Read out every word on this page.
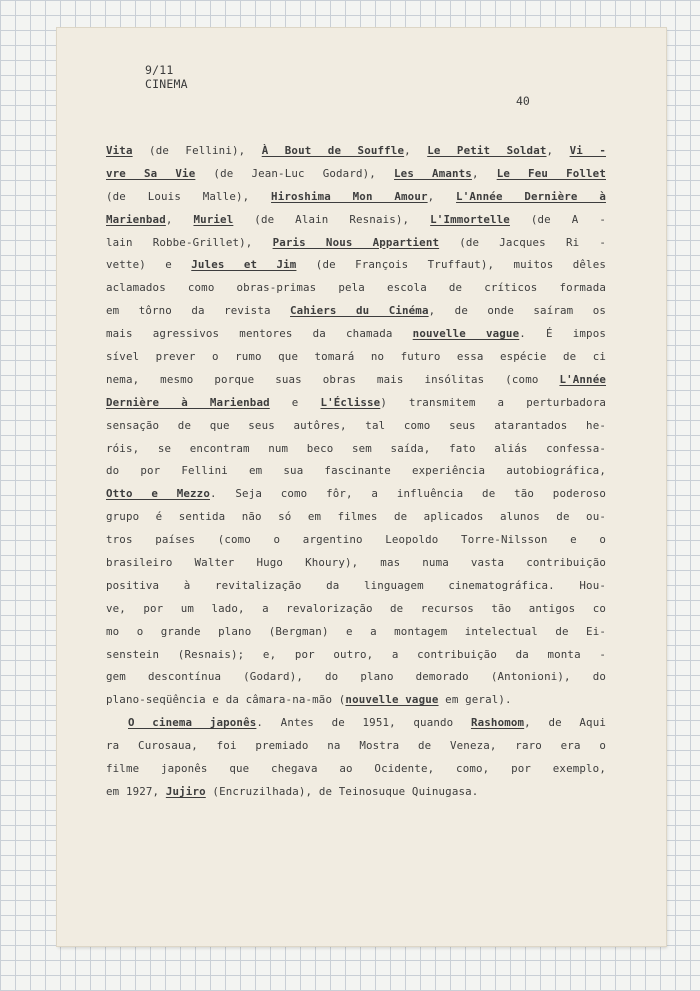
9/11
CINEMA
40
Vita (de Fellini), À Bout de Souffle, Le Petit Soldat, Vi -
vre Sa Vie (de Jean-Luc Godard), Les Amants, Le Feu Follet
(de Louis Malle), Hiroshima Mon Amour, L'Année Dernière à
Marienbad, Muriel (de Alain Resnais), L'Immortelle (de A -
lain Robbe-Grillet), Paris Nous Appartient (de Jacques Ri -
vette) e Jules et Jim (de François Truffaut), muitos dêles
aclamados como obras-primas pela escola de críticos formada
em tôrno da revista Cahiers du Cinéma, de onde saíram os
mais agressivos mentores da chamada nouvelle vague. É impos
sível prever o rumo que tomará no futuro essa espécie de ci
nema, mesmo porque suas obras mais insólitas (como L'Année
Dernière à Marienbad e L'Éclisse) transmitem a perturbadora
sensação de que seus autôres, tal como seus atarantados he-
róis, se encontram num beco sem saída, fato aliás confessa-
do por Fellini em sua fascinante experiência autobiográfica,
Otto e Mezzo. Seja como fôr, a influência de tão poderoso
grupo é sentida não só em filmes de aplicados alunos de ou-
tros países (como o argentino Leopoldo Torre-Nilsson e o
brasileiro Walter Hugo Khoury), mas numa vasta contribuição
positiva à revitalização da linguagem cinematográfica. Hou-
ve, por um lado, a revalorização de recursos tão antigos co
mo o grande plano (Bergman) e a montagem intelectual de Ei-
senstein (Resnais); e, por outro, a contribuição da monta -
gem descontínua (Godard), do plano demorado (Antonioni), do
plano-seqüência e da câmara-na-mão (nouvelle vague em geral).
O cinema japonês. Antes de 1951, quando Rashomom, de Aqui
ra Curosaua, foi premiado na Mostra de Veneza, raro era o
filme japonês que chegava ao Ocidente, como, por exemplo,
em 1927, Jujiro (Encruzilhada), de Teinosuque Quinugasa.
